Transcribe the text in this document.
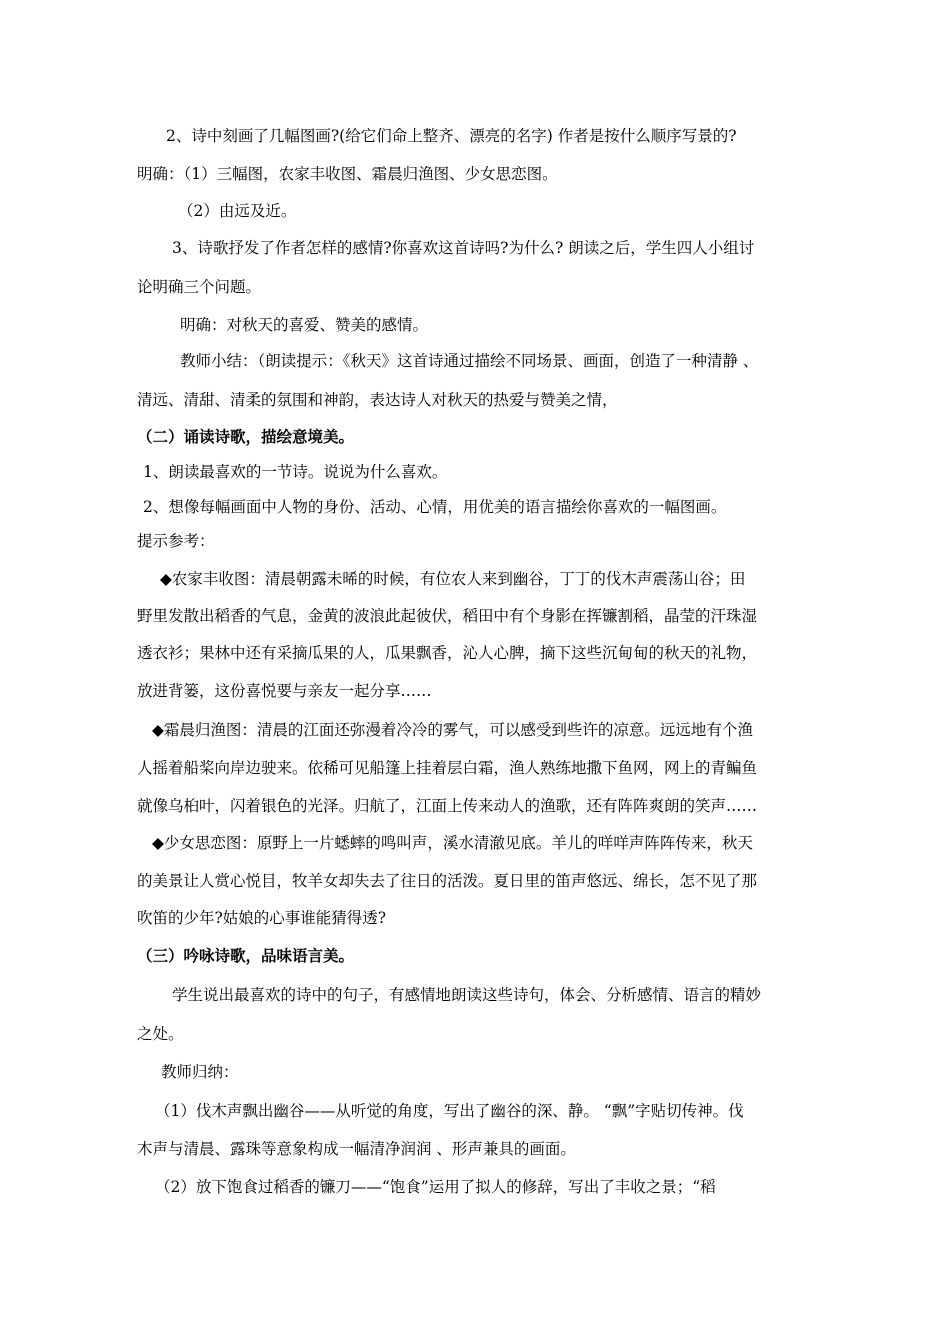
2、诗中刻画了几幅图画?(给它们命上整齐、漂亮的名字) 作者是按什么顺序写景的?
明确：（1）三幅图，农家丰收图、霜晨归渔图、少女思恋图。
（2）由远及近。
3、诗歌抒发了作者怎样的感情?你喜欢这首诗吗?为什么? 朗读之后，学生四人小组讨
论明确三个问题。
明确：对秋天的喜爱、赞美的感情。
教师小结：（朗读提示：《秋天》这首诗通过描绘不同场景、画面，创造了一种清静 、
清远、清甜、清柔的氛围和神韵，表达诗人对秋天的热爱与赞美之情，
（二）诵读诗歌，描绘意境美。
1、朗读最喜欢的一节诗。说说为什么喜欢。
2、想像每幅画面中人物的身份、活动、心情，用优美的语言描绘你喜欢的一幅图画。
提示参考：
◆农家丰收图：清晨朝露未晞的时候，有位农人来到幽谷，丁丁的伐木声震荡山谷；田
野里发散出稻香的气息，金黄的波浪此起彼伏，稻田中有个身影在挥镰割稻，晶莹的汗珠湿
透衣衫；果林中还有采摘瓜果的人，瓜果飘香，沁人心脾，摘下这些沉甸甸的秋天的礼物，
放进背篓，这份喜悦要与亲友一起分享……
◆霜晨归渔图：清晨的江面还弥漫着冷冷的雾气，可以感受到些许的凉意。远远地有个渔
人摇着船桨向岸边驶来。依稀可见船篷上挂着层白霜，渔人熟练地撒下鱼网，网上的青鳊鱼
就像乌桕叶，闪着银色的光泽。归航了，江面上传来动人的渔歌，还有阵阵爽朗的笑声……
◆少女思恋图：原野上一片蟋蟀的鸣叫声，溪水清澈见底。羊儿的咩咩声阵阵传来，秋天
的美景让人赏心悦目，牧羊女却失去了往日的活泼。夏日里的笛声悠远、绵长，怎不见了那
吹笛的少年?姑娘的心事谁能猜得透?
（三）吟咏诗歌，品味语言美。
学生说出最喜欢的诗中的句子，有感情地朗读这些诗句，体会、分析感情、语言的精妙
之处。
教师归纳：
（1）伐木声飘出幽谷——从听觉的角度，写出了幽谷的深、静。 “飘”字贴切传神。伐
木声与清晨、露珠等意象构成一幅清净润润 、形声兼具的画面。
（2）放下饱食过稻香的镰刀——“饱食”运用了拟人的修辞，写出了丰收之景；“稻
